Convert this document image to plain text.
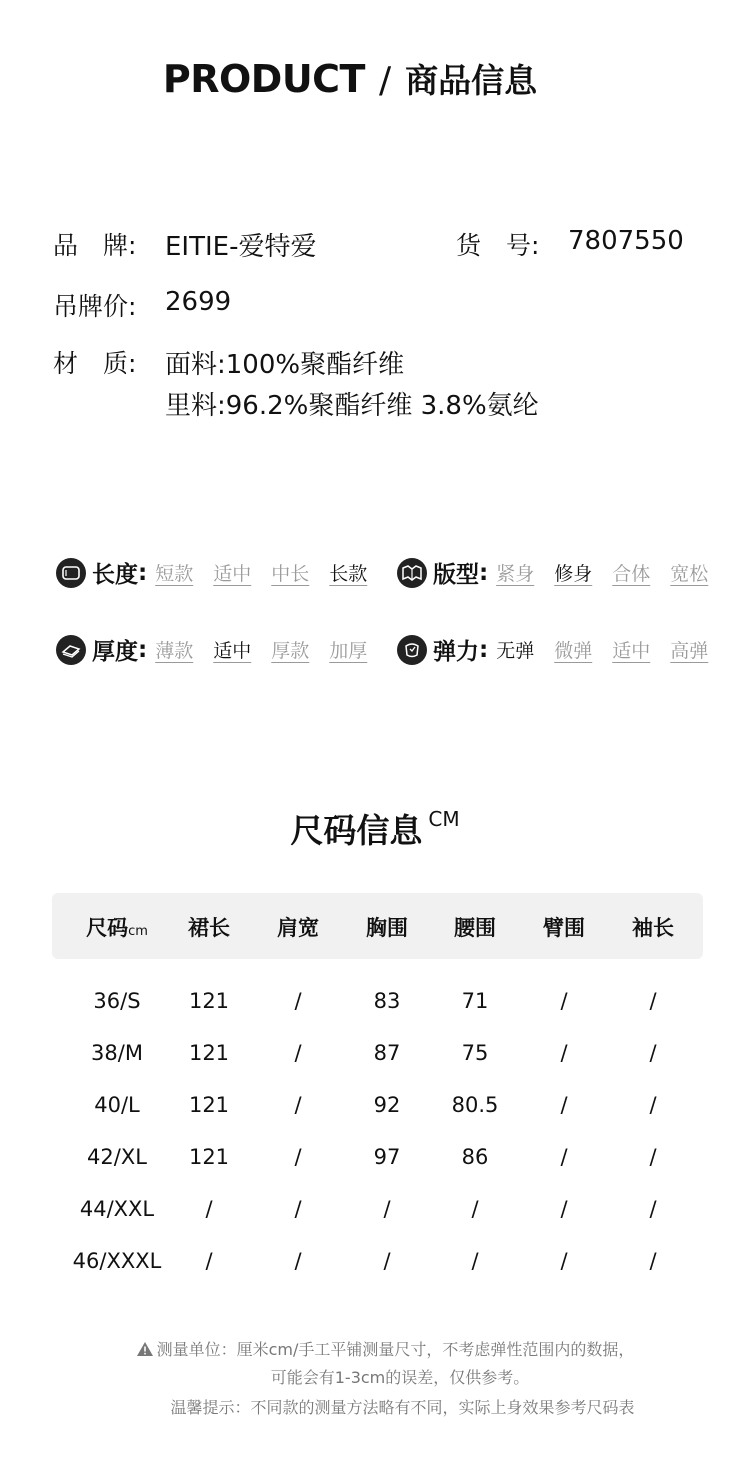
PRODUCT / 商品信息
品　牌: EITIE-爱特爱	货　号: 7807550
吊牌价: 2699
材　质: 面料:100%聚酯纤维
里料:96.2%聚酯纤维 3.8%氨纶
长度 : 短款 适中 中长 长款	版型 : 紧身 修身 合体 宽松
厚度 : 薄款 适中 厚款 加厚	弹力 : 无弹 微弹 适中 高弹
尺码信息 CM
尺码cm	裙长	肩宽	胸围	腰围	臂围	袖长
36/S	121	/	83	71	/	/
38/M	121	/	87	75	/	/
40/L	121	/	92	80.5	/	/
42/XL	121	/	97	86	/	/
44/XXL	/	/	/	/	/	/
46/XXXL	/	/	/	/	/	/
测量单位：厘米cm/手工平铺测量尺寸，不考虑弹性范围内的数据，
可能会有1-3cm的误差，仅供参考。
温馨提示：不同款的测量方法略有不同，实际上身效果参考尺码表
